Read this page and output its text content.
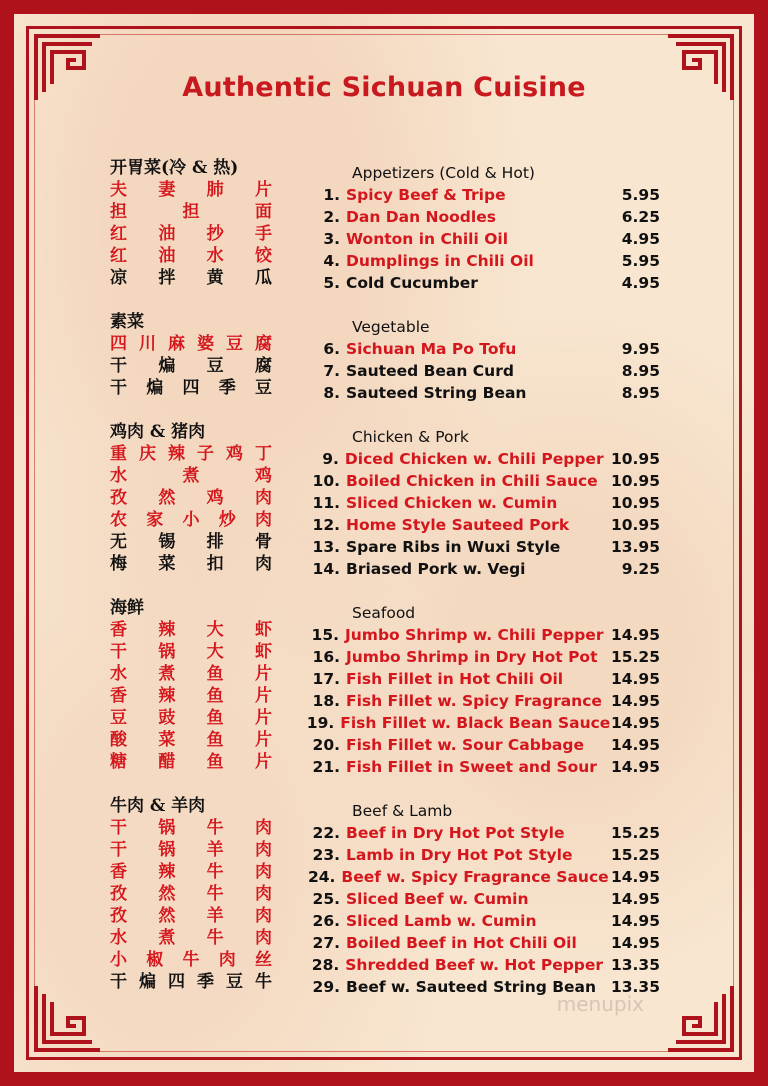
Authentic Sichuan Cuisine
开胃菜(冷 & 热)
夫 妻 肺 片
担	担	面
红 油 抄 手
红 油 水 饺
凉 拌 黄 瓜
素菜
四 川 麻 婆 豆 腐
干 煸 豆 腐
干 煸 四 季 豆
鸡肉 & 猪肉
重 庆 辣 子 鸡 丁
水	煮	鸡
孜 然 鸡 肉
农 家 小 炒 肉
无 锡 排 骨
梅 菜 扣 肉
海鲜
香 辣 大 虾
干 锅 大 虾
水 煮 鱼 片
香 辣 鱼 片
豆 豉 鱼 片
酸 菜 鱼 片
糖 醋 鱼 片
牛肉 & 羊肉
干 锅 牛 肉
干 锅 羊 肉
香 辣 牛 肉
孜 然 牛 肉
孜 然 羊 肉
水 煮 牛 肉
小 椒 牛 肉 丝
干 煸 四 季 豆 牛
Appetizers (Cold & Hot)
1. Spicy Beef & Tripe	5.95
2. Dan Dan Noodles	6.25
3. Wonton in Chili Oil	4.95
4. Dumplings in Chili Oil	5.95
5. Cold Cucumber	4.95
Vegetable
6. Sichuan Ma Po Tofu	9.95
7. Sauteed Bean Curd	8.95
8. Sauteed String Bean	8.95
Chicken & Pork
9. Diced Chicken w. Chili Pepper 10.95
10. Boiled Chicken in Chili Sauce 10.95
11. Sliced Chicken w. Cumin	10.95
12. Home Style Sauteed Pork	10.95
13. Spare Ribs in Wuxi Style	13.95
14. Briased Pork w. Vegi	9.25
Seafood
15. Jumbo Shrimp w. Chili Pepper 14.95
16. Jumbo Shrimp in Dry Hot Pot 15.25
17. Fish Fillet in Hot Chili Oil	14.95
18. Fish Fillet w. Spicy Fragrance 14.95
19. Fish Fillet w. Black Bean Sauce 14.95
20. Fish Fillet w. Sour Cabbage	14.95
21. Fish Fillet in Sweet and Sour 14.95
Beef & Lamb
22. Beef in Dry Hot Pot Style	15.25
23. Lamb in Dry Hot Pot Style	15.25
24. Beef w. Spicy Fragrance Sauce 14.95
25. Sliced Beef w. Cumin	14.95
26. Sliced Lamb w. Cumin	14.95
27. Boiled Beef in Hot Chili Oil	14.95
28. Shredded Beef w. Hot Pepper 13.35
29. Beef w. Sauteed String Bean 13.35
menupix
